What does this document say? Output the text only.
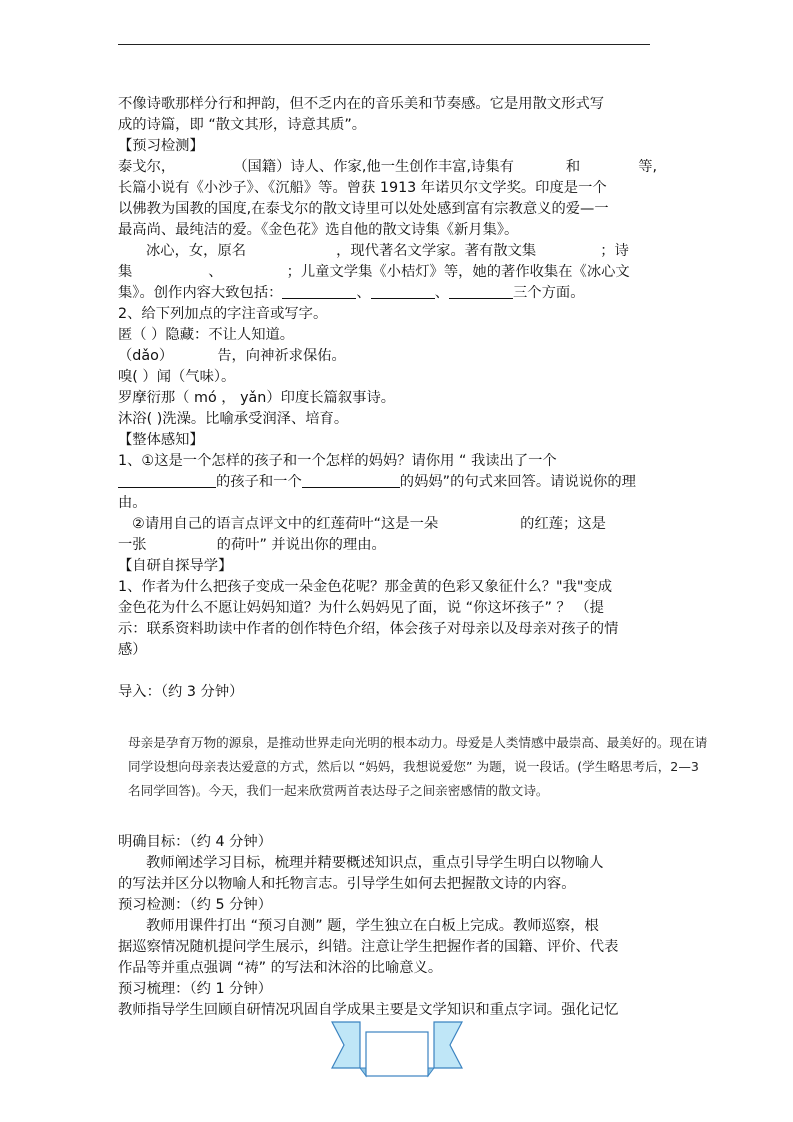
不像诗歌那样分行和押韵，但不乏内在的音乐美和节奏感。它是用散文形式写
成的诗篇，即 “散文其形，诗意其质”。
【预习检测】
泰戈尔，	（国籍）诗人、作家,他一生创作丰富,诗集有	和	等,
长篇小说有《小沙子》、《沉船》等。曾获 1913 年诺贝尔文学奖。印度是一个
以佛教为国教的国度,在泰戈尔的散文诗里可以处处感到富有宗教意义的爱—一
最高尚、最纯洁的爱。《金色花》选自他的散文诗集《新月集》。
冰心，女，原名	，现代著名文学家。著有散文集	；诗
集	、	；儿童文学集《小桔灯》等，她的著作收集在《冰心文
集》。创作内容大致包括：	、	、	三个方面。
2、给下列加点的字注音或写字。
匿（ ）隐藏：不让人知道。
（dǎo）	告，向神祈求保佑。
嗅( ）闻（气味）。
罗摩衍那（ mó ， yǎn）印度长篇叙事诗。
沐浴( )洗澡。比喻承受润泽、培育。
【整体感知】
1、①这是一个怎样的孩子和一个怎样的妈妈？请你用 “ 我读出了一个
的孩子和一个	的妈妈”的句式来回答。请说说你的理
由。
②请用自己的语言点评文中的红莲荷叶“这是一朵	的红莲；这是
一张	的荷叶” 并说出你的理由。
【自研自探导学】
1、作者为什么把孩子变成一朵金色花呢？那金黄的色彩又象征什么？"我"变成
金色花为什么不愿让妈妈知道？为什么妈妈见了面，说 “你这坏孩子” ？ （提
示：联系资料助读中作者的创作特色介绍，体会孩子对母亲以及母亲对孩子的情
感）
导入：（约 3 分钟）
母亲是孕育万物的源泉，是推动世界走向光明的根本动力。母爱是人类情感中最崇高、最美好的。现在请
同学设想向母亲表达爱意的方式，然后以 “妈妈，我想说爱您” 为题，说一段话。(学生略思考后，2—3
名同学回答)。今天，我们一起来欣赏两首表达母子之间亲密感情的散文诗。
明确目标：（约 4 分钟）
教师阐述学习目标，梳理并精要概述知识点，重点引导学生明白以物喻人
的写法并区分以物喻人和托物言志。引导学生如何去把握散文诗的内容。
预习检测：（约 5 分钟）
教师用课件打出 “预习自测” 题，学生独立在白板上完成。教师巡察，根
据巡察情况随机提问学生展示，纠错。注意让学生把握作者的国籍、评价、代表
作品等并重点强调 “祷” 的写法和沐浴的比喻意义。
预习梳理：（约 1 分钟）
教师指导学生回顾自研情况巩固自学成果主要是文学知识和重点字词。强化记忆
